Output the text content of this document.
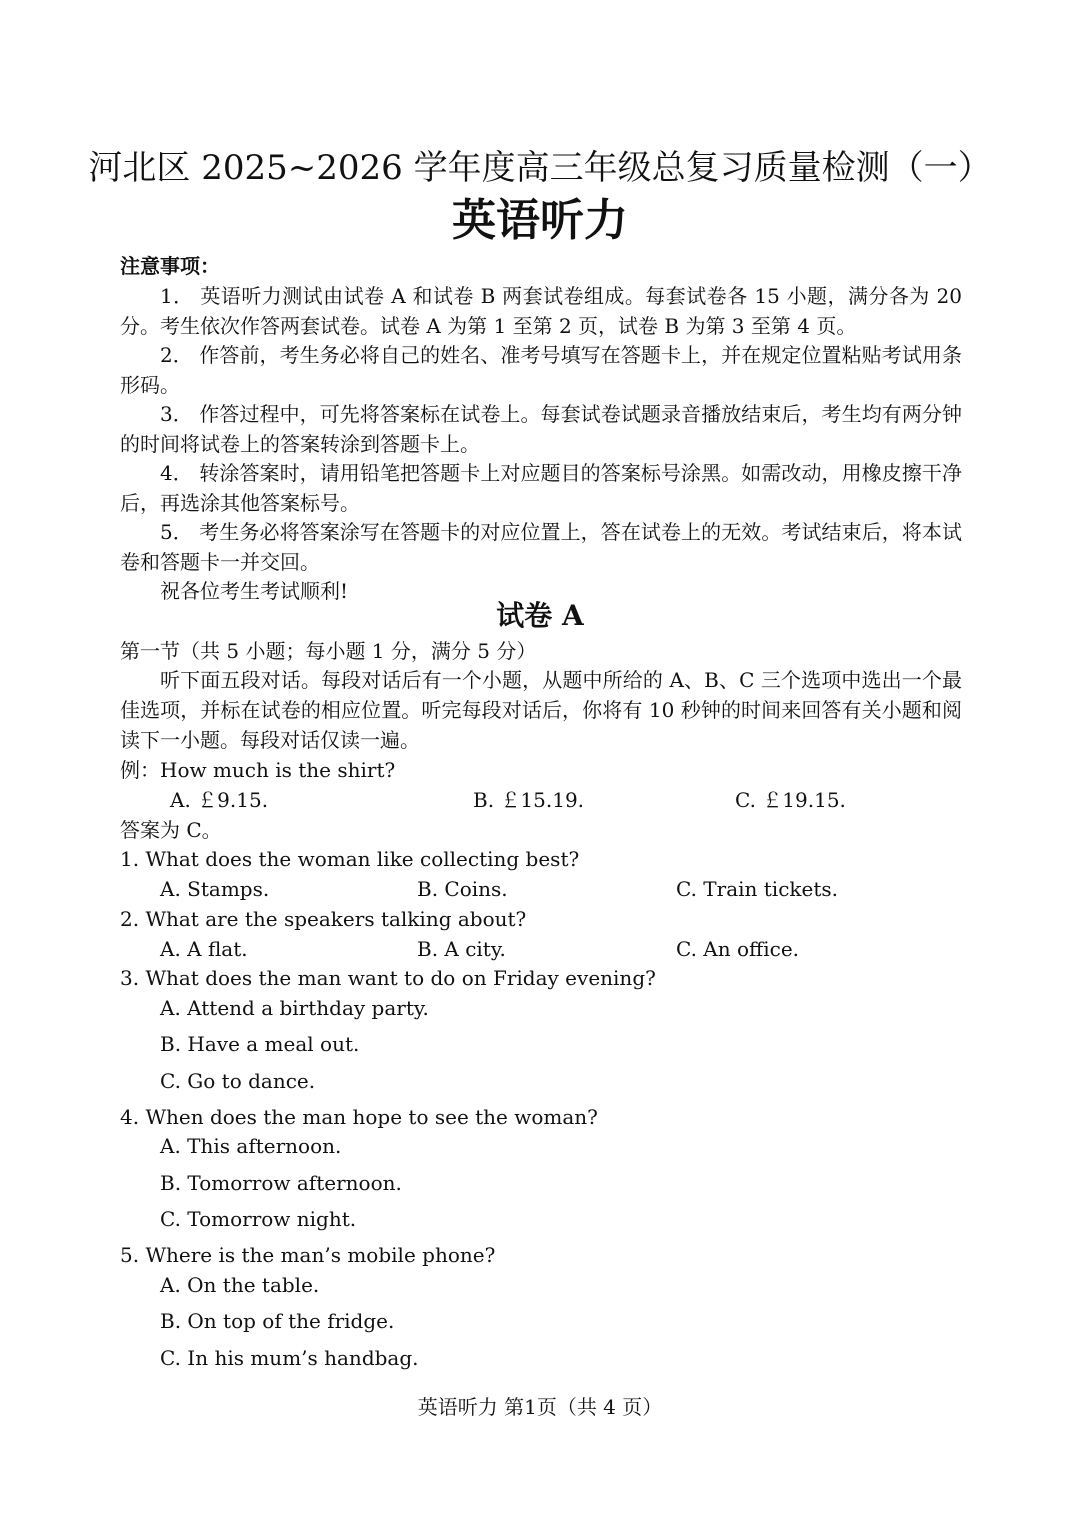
河北区 2025~2026 学年度高三年级总复习质量检测（一）
英语听力
注意事项：
1． 英语听力测试由试卷 A 和试卷 B 两套试卷组成。每套试卷各 15 小题，满分各为 20 分。考生依次作答两套试卷。试卷 A 为第 1 至第 2 页，试卷 B 为第 3 至第 4 页。
2． 作答前，考生务必将自己的姓名、准考号填写在答题卡上，并在规定位置粘贴考试用条形码。
3． 作答过程中，可先将答案标在试卷上。每套试卷试题录音播放结束后，考生均有两分钟的时间将试卷上的答案转涂到答题卡上。
4． 转涂答案时，请用铅笔把答题卡上对应题目的答案标号涂黑。如需改动，用橡皮擦干净后，再选涂其他答案标号。
5． 考生务必将答案涂写在答题卡的对应位置上，答在试卷上的无效。考试结束后，将本试卷和答题卡一并交回。
祝各位考生考试顺利!
试卷 A
第一节（共 5 小题；每小题 1 分，满分 5 分）
听下面五段对话。每段对话后有一个小题，从题中所给的 A、B、C 三个选项中选出一个最佳选项，并标在试卷的相应位置。听完每段对话后，你将有 10 秒钟的时间来回答有关小题和阅读下一小题。每段对话仅读一遍。
例：How much is the shirt?
A. ￡9.15.	B. ￡15.19.	C. ￡19.15.
答案为 C。
1. What does the woman like collecting best?
A. Stamps.	B. Coins.	C. Train tickets.
2. What are the speakers talking about?
A. A flat.	B. A city.	C. An office.
3. What does the man want to do on Friday evening?
A. Attend a birthday party.
B. Have a meal out.
C. Go to dance.
4. When does the man hope to see the woman?
A. This afternoon.
B. Tomorrow afternoon.
C. Tomorrow night.
5. Where is the man’s mobile phone?
A. On the table.
B. On top of the fridge.
C. In his mum’s handbag.
英语听力 第1页（共 4 页）
